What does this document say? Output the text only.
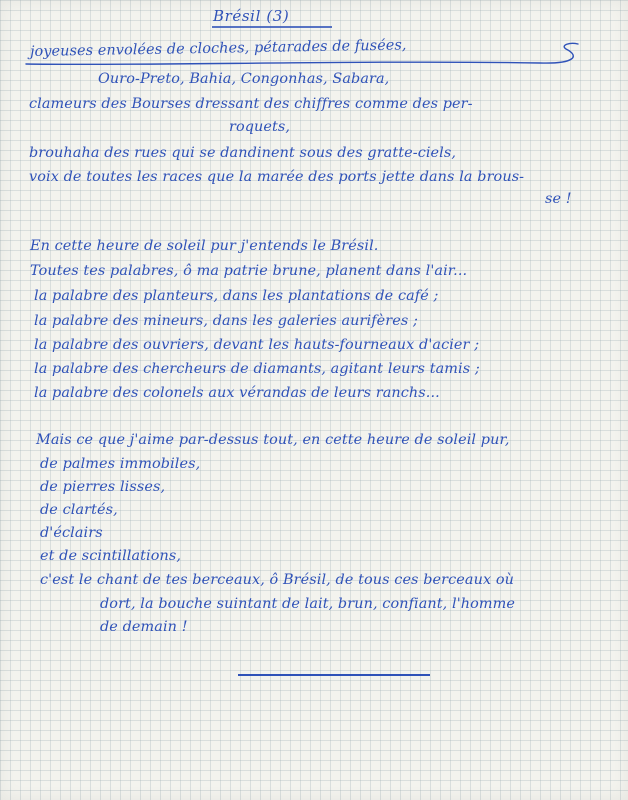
Brésil (3)
joyeuses envolées de cloches, pétarades de fusées,
Ouro-Preto, Bahia, Congonhas, Sabara,
clameurs des Bourses dressant des chiffres comme des per-
roquets,
brouhaha des rues qui se dandinent sous des gratte-ciels,
voix de toutes les races que la marée des ports jette dans la brous-
se !
En cette heure de soleil pur j'entends le Brésil.
Toutes tes palabres, ô ma patrie brune, planent dans l'air...
la palabre des planteurs, dans les plantations de café ;
la palabre des mineurs, dans les galeries aurifères ;
la palabre des ouvriers, devant les hauts-fourneaux d'acier ;
la palabre des chercheurs de diamants, agitant leurs tamis ;
la palabre des colonels aux vérandas de leurs ranchs...
Mais ce que j'aime par-dessus tout, en cette heure de soleil pur,
de palmes immobiles,
de pierres lisses,
de clartés,
d'éclairs
et de scintillations,
c'est le chant de tes berceaux, ô Brésil, de tous ces berceaux où
dort, la bouche suintant de lait, brun, confiant, l'homme
de demain !
